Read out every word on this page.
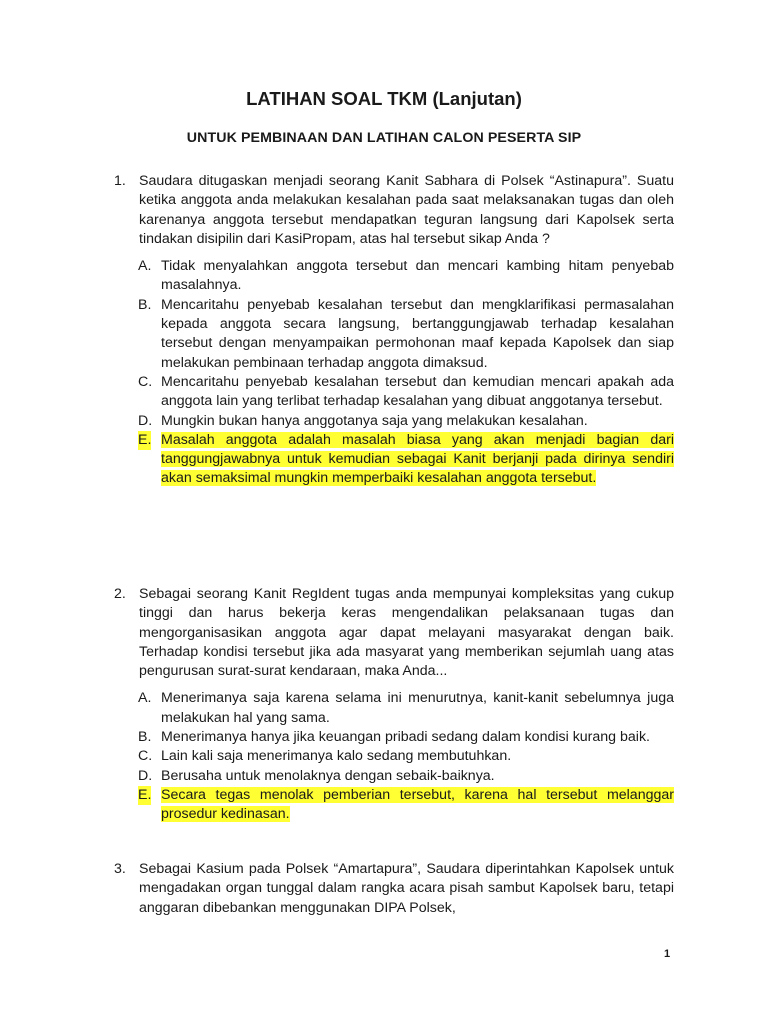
LATIHAN SOAL TKM (Lanjutan)
UNTUK PEMBINAAN DAN LATIHAN CALON PESERTA SIP
1. Saudara ditugaskan menjadi seorang Kanit Sabhara di Polsek “Astinapura”. Suatu ketika anggota anda melakukan kesalahan pada saat melaksanakan tugas dan oleh karenanya anggota tersebut mendapatkan teguran langsung dari Kapolsek serta tindakan disipilin dari KasiPropam, atas hal tersebut sikap Anda ?
A. Tidak menyalahkan anggota tersebut dan mencari kambing hitam penyebab masalahnya.
B. Mencaritahu penyebab kesalahan tersebut dan mengklarifikasi permasalahan kepada anggota secara langsung, bertanggungjawab terhadap kesalahan tersebut dengan menyampaikan permohonan maaf kepada Kapolsek dan siap melakukan pembinaan terhadap anggota dimaksud.
C. Mencaritahu penyebab kesalahan tersebut dan kemudian mencari apakah ada anggota lain yang terlibat terhadap kesalahan yang dibuat anggotanya tersebut.
D. Mungkin bukan hanya anggotanya saja yang melakukan kesalahan.
E. Masalah anggota adalah masalah biasa yang akan menjadi bagian dari tanggungjawabnya untuk kemudian sebagai Kanit berjanji pada dirinya sendiri akan semaksimal mungkin memperbaiki kesalahan anggota tersebut.
2. Sebagai seorang Kanit RegIdent tugas anda mempunyai kompleksitas yang cukup tinggi dan harus bekerja keras mengendalikan pelaksanaan tugas dan mengorganisasikan anggota agar dapat melayani masyarakat dengan baik. Terhadap kondisi tersebut jika ada masyarat yang memberikan sejumlah uang atas pengurusan surat-surat kendaraan, maka Anda...
A. Menerimanya saja karena selama ini menurutnya, kanit-kanit sebelumnya juga melakukan hal yang sama.
B. Menerimanya hanya jika keuangan pribadi sedang dalam kondisi kurang baik.
C. Lain kali saja menerimanya kalo sedang membutuhkan.
D. Berusaha untuk menolaknya dengan sebaik-baiknya.
E. Secara tegas menolak pemberian tersebut, karena hal tersebut melanggar prosedur kedinasan.
3. Sebagai Kasium pada Polsek “Amartapura”, Saudara diperintahkan Kapolsek untuk mengadakan organ tunggal dalam rangka acara pisah sambut Kapolsek baru, tetapi anggaran dibebankan menggunakan DIPA Polsek,
1
